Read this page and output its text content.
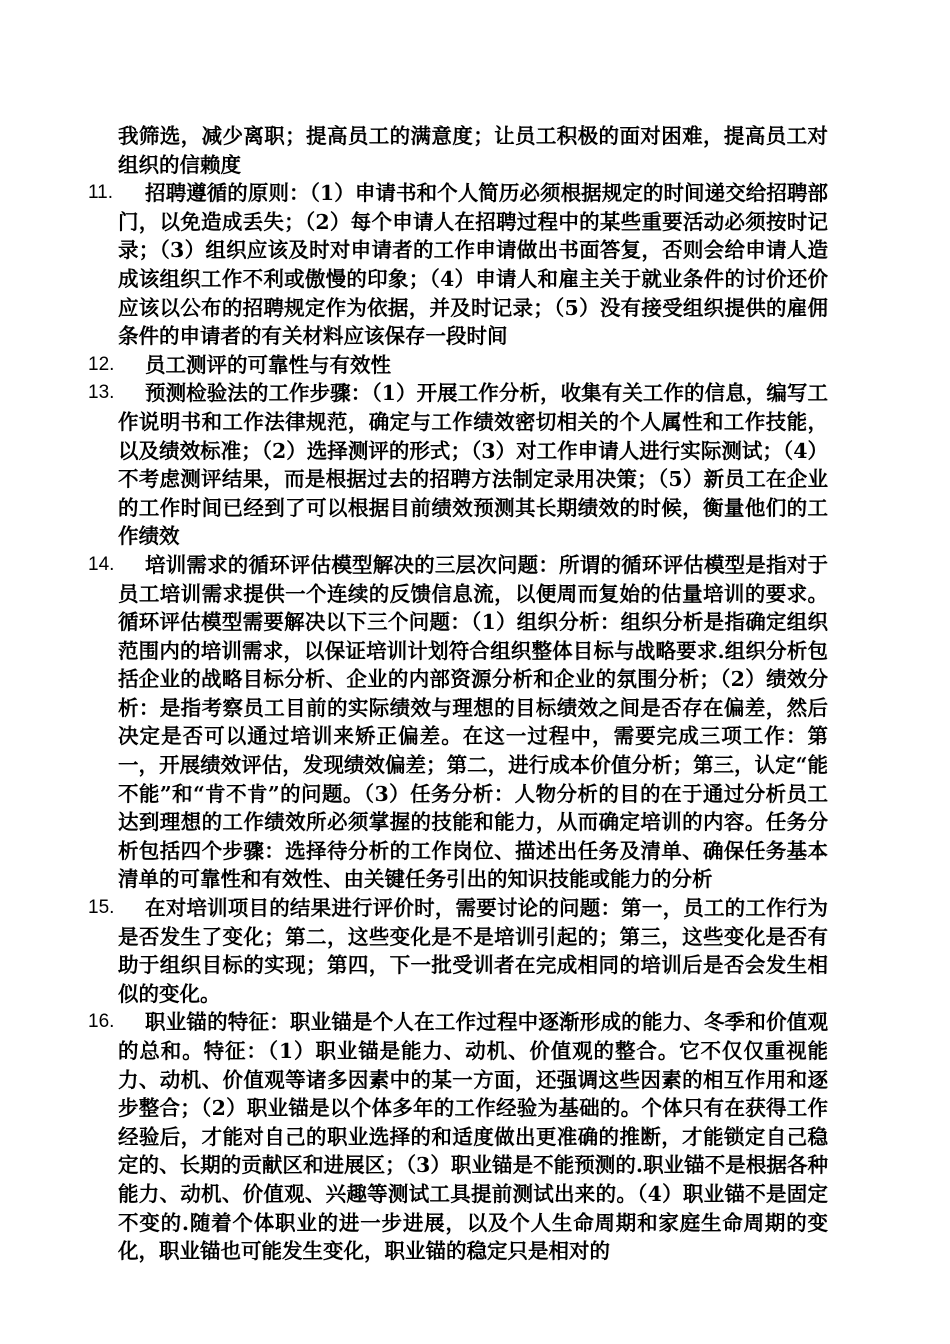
我筛选，减少离职；提高员工的满意度；让员工积极的面对困难，提高员工对组织的信赖度
11.	招聘遵循的原则：（1）申请书和个人简历必须根据规定的时间递交给招聘部门，以免造成丢失；（2）每个申请人在招聘过程中的某些重要活动必须按时记录；（3）组织应该及时对申请者的工作申请做出书面答复，否则会给申请人造成该组织工作不利或傲慢的印象；（4）申请人和雇主关于就业条件的讨价还价应该以公布的招聘规定作为依据，并及时记录；（5）没有接受组织提供的雇佣条件的申请者的有关材料应该保存一段时间
12.	员工测评的可靠性与有效性
13.	预测检验法的工作步骤：（1）开展工作分析，收集有关工作的信息，编写工作说明书和工作法律规范，确定与工作绩效密切相关的个人属性和工作技能，以及绩效标准；（2）选择测评的形式；（3）对工作申请人进行实际测试；（4）不考虑测评结果，而是根据过去的招聘方法制定录用决策；（5）新员工在企业的工作时间已经到了可以根据目前绩效预测其长期绩效的时候，衡量他们的工作绩效
14.	培训需求的循环评估模型解决的三层次问题：所谓的循环评估模型是指对于员工培训需求提供一个连续的反馈信息流，以便周而复始的估量培训的要求。循环评估模型需要解决以下三个问题：（1）组织分析：组织分析是指确定组织范围内的培训需求，以保证培训计划符合组织整体目标与战略要求.组织分析包括企业的战略目标分析、企业的内部资源分析和企业的氛围分析；（2）绩效分析：是指考察员工目前的实际绩效与理想的目标绩效之间是否存在偏差，然后决定是否可以通过培训来矫正偏差。在这一过程中，需要完成三项工作：第一，开展绩效评估，发现绩效偏差；第二，进行成本价值分析；第三，认定“能不能”和“肯不肯”的问题。（3）任务分析：人物分析的目的在于通过分析员工达到理想的工作绩效所必须掌握的技能和能力，从而确定培训的内容。任务分析包括四个步骤：选择待分析的工作岗位、描述出任务及清单、确保任务基本清单的可靠性和有效性、由关键任务引出的知识技能或能力的分析
15.	在对培训项目的结果进行评价时，需要讨论的问题：第一，员工的工作行为是否发生了变化；第二，这些变化是不是培训引起的；第三，这些变化是否有助于组织目标的实现；第四，下一批受训者在完成相同的培训后是否会发生相似的变化。
16.	职业锚的特征：职业锚是个人在工作过程中逐渐形成的能力、冬季和价值观的总和。特征：（1）职业锚是能力、动机、价值观的整合。它不仅仅重视能力、动机、价值观等诸多因素中的某一方面，还强调这些因素的相互作用和逐步整合；（2）职业锚是以个体多年的工作经验为基础的。个体只有在获得工作经验后，才能对自己的职业选择的和适度做出更准确的推断，才能锁定自己稳定的、长期的贡献区和进展区；（3）职业锚是不能预测的.职业锚不是根据各种能力、动机、价值观、兴趣等测试工具提前测试出来的。（4）职业锚不是固定不变的.随着个体职业的进一步进展，以及个人生命周期和家庭生命周期的变化，职业锚也可能发生变化，职业锚的稳定只是相对的
